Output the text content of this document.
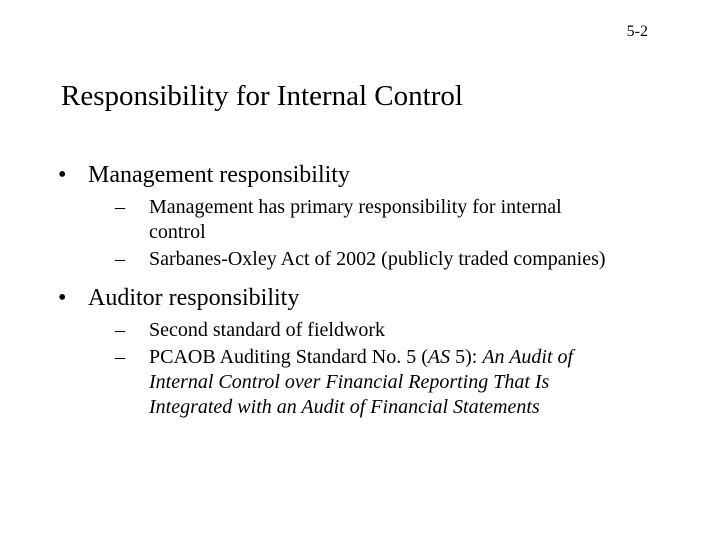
5-2
Responsibility for Internal Control
• Management responsibility
– Management has primary responsibility for internal control
– Sarbanes-Oxley Act of 2002 (publicly traded companies)
• Auditor responsibility
– Second standard of fieldwork
– PCAOB Auditing Standard No. 5 (AS 5): An Audit of Internal Control over Financial Reporting That Is Integrated with an Audit of Financial Statements
